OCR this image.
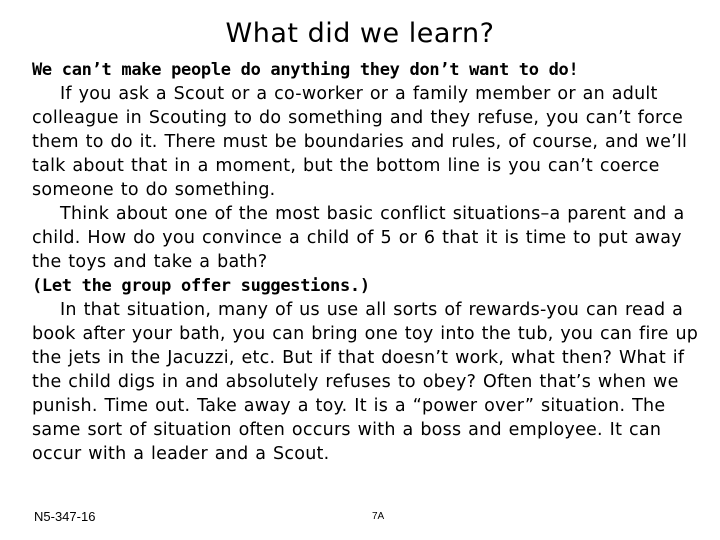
What did we learn?

We can’t make people do anything they don’t want to do!

If you ask a Scout or a co-worker or a family member or an adult colleague in Scouting to do something and they refuse, you can’t force them to do it. There must be boundaries and rules, of course, and we’ll talk about that in a moment, but the bottom line is you can’t coerce someone to do something.

Think about one of the most basic conflict situations–a parent and a child. How do you convince a child of 5 or 6 that it is time to put away the toys and take a bath?

(Let the group offer suggestions.)

In that situation, many of us use all sorts of rewards-you can read a book after your bath, you can bring one toy into the tub, you can fire up the jets in the Jacuzzi, etc. But if that doesn’t work, what then? What if the child digs in and absolutely refuses to obey? Often that’s when we punish. Time out. Take away a toy. It is a “power over” situation. The same sort of situation often occurs with a boss and employee. It can occur with a leader and a Scout.

N5-347-16	7A
